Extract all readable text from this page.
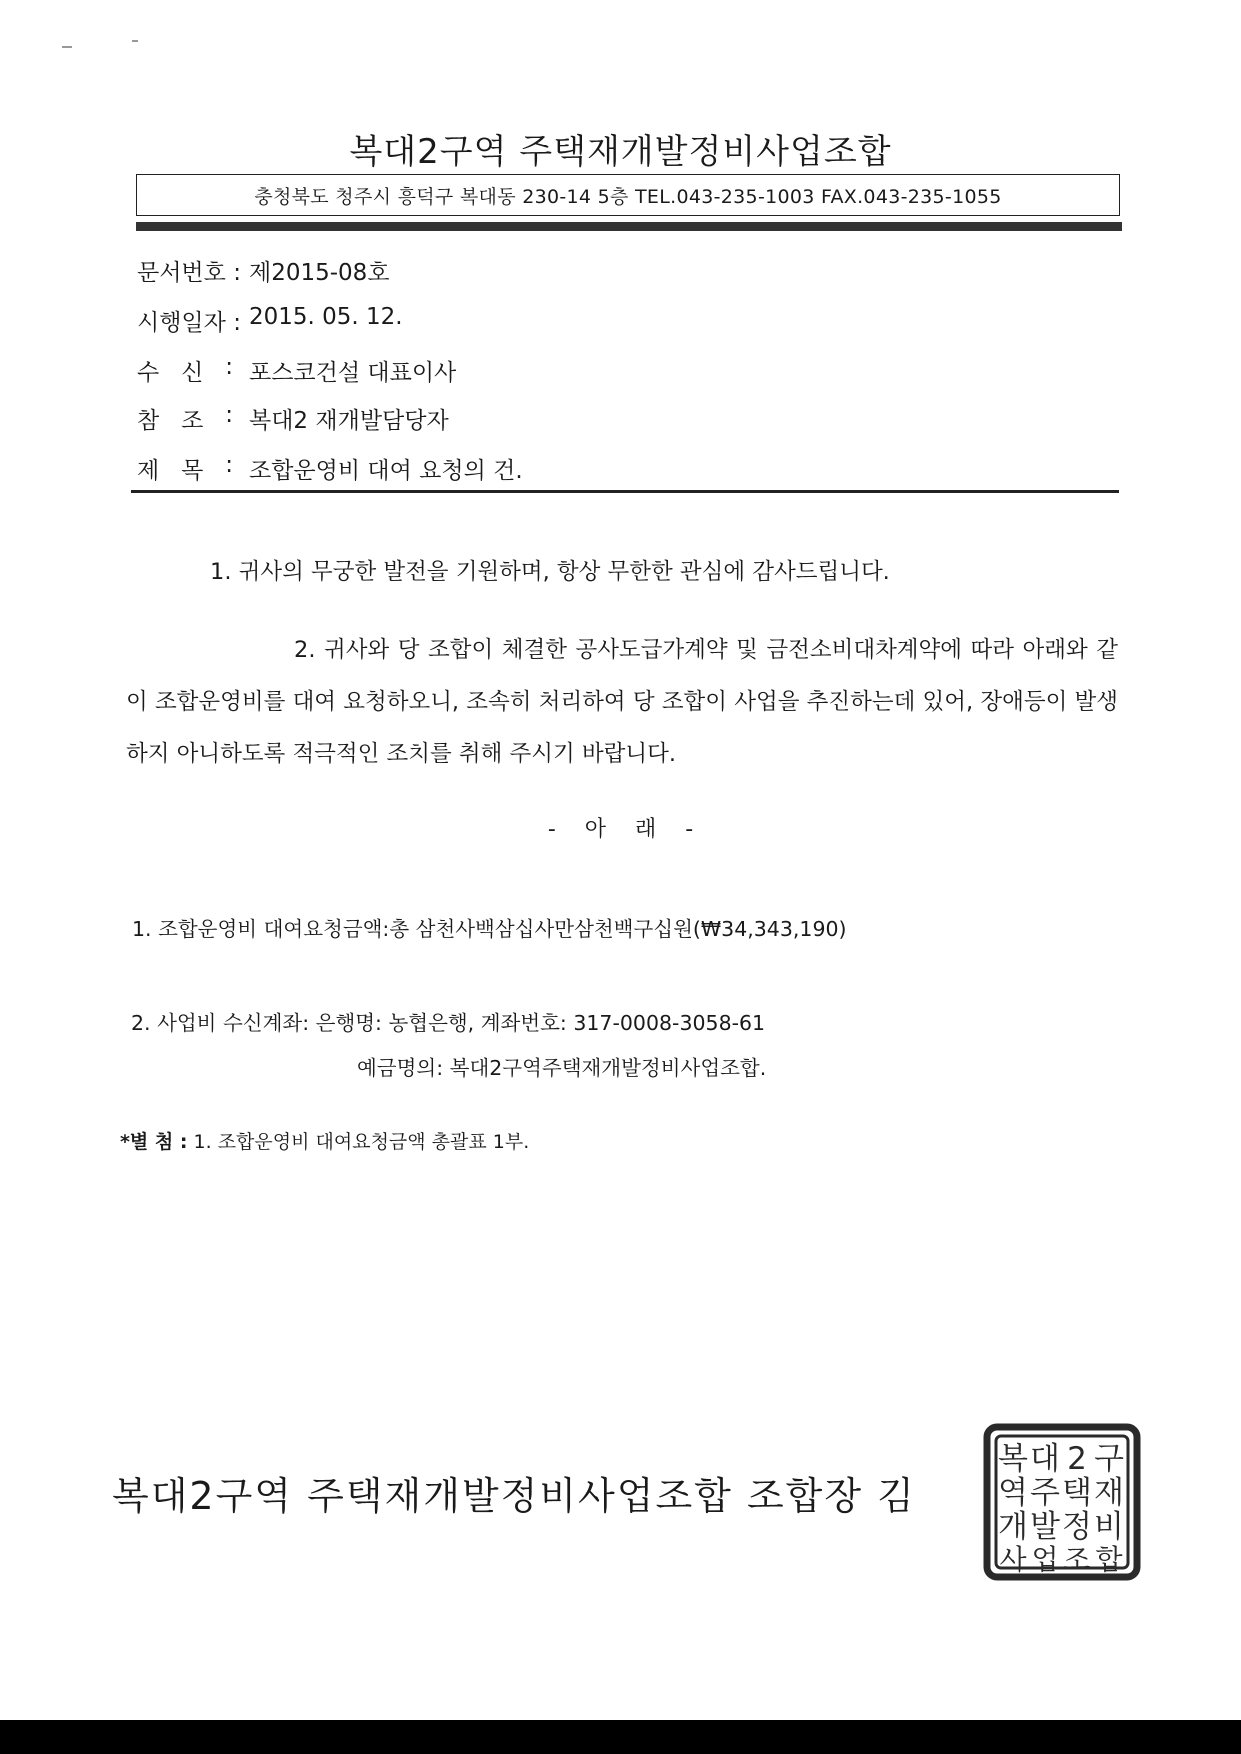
복대2구역 주택재개발정비사업조합
충청북도 청주시 흥덕구 복대동 230-14 5층 TEL.043-235-1003 FAX.043-235-1055
문서번호 : 제2015-08호
시행일자 : 2015. 05. 12.
수 신 : 포스코건설 대표이사
참 조 : 복대2 재개발담당자
제 목 : 조합운영비 대여 요청의 건.
1. 귀사의 무궁한 발전을 기원하며, 항상 무한한 관심에 감사드립니다.
2. 귀사와 당 조합이 체결한 공사도급가계약 및 금전소비대차계약에 따라 아래와 같이 조합운영비를 대여 요청하오니, 조속히 처리하여 당 조합이 사업을 추진하는데 있어, 장애등이 발생하지 아니하도록 적극적인 조치를 취해 주시기 바랍니다.
- 아 래 -
1. 조합운영비 대여요청금액:총 삼천사백삼십사만삼천백구십원(₩34,343,190)
2. 사업비 수신계좌: 은행명: 농협은행, 계좌번호: 317-0008-3058-61
예금명의: 복대2구역주택재개발정비사업조합.
*별 첨 : 1. 조합운영비 대여요청금액 총괄표 1부.
복대2구역 주택재개발정비사업조합 조합장 김
복 대 2 구
역 주 택 재
개 발 정 비
사 업 조 합
